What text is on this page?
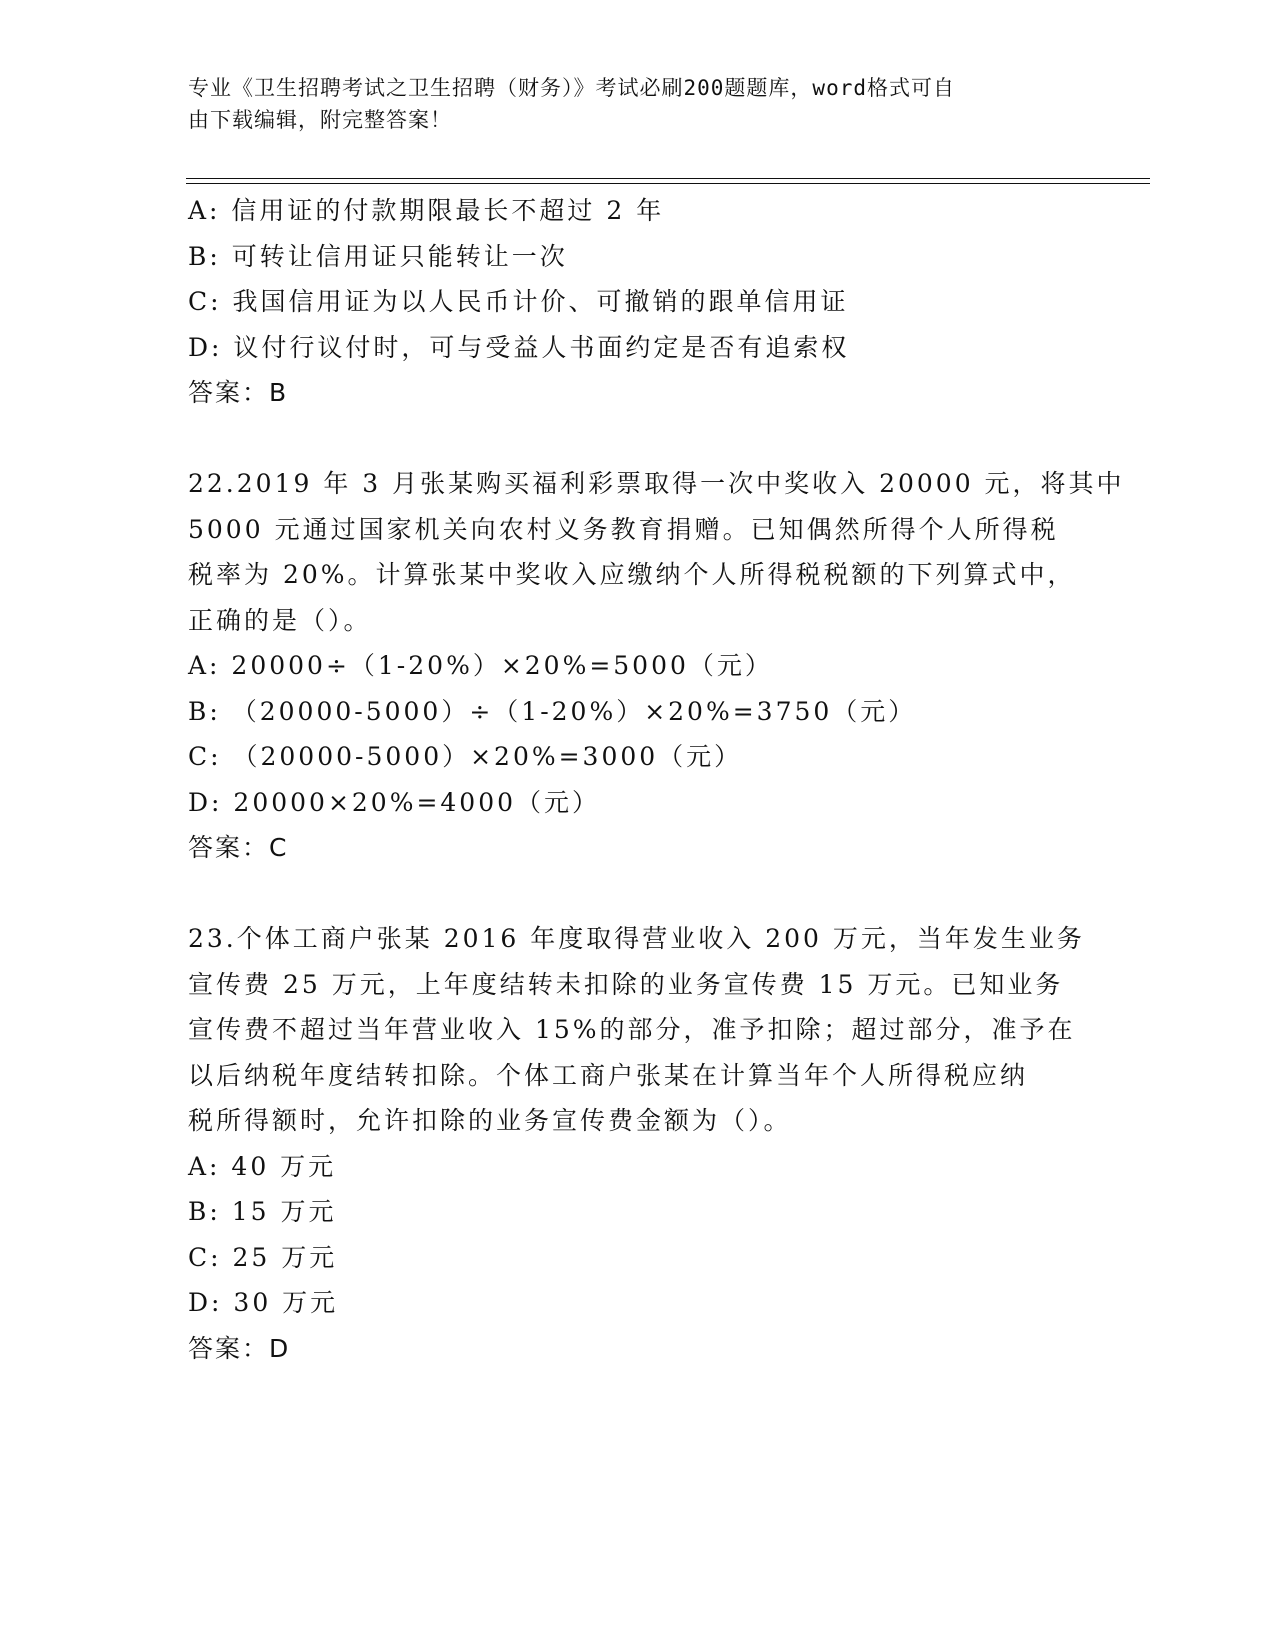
专业《卫生招聘考试之卫生招聘（财务）》考试必刷200题题库，word格式可自
由下载编辑，附完整答案！
A: 信用证的付款期限最长不超过 2 年
B: 可转让信用证只能转让一次
C: 我国信用证为以人民币计价、可撤销的跟单信用证
D: 议付行议付时，可与受益人书面约定是否有追索权
答案：B
22.2019 年 3 月张某购买福利彩票取得一次中奖收入 20000 元，将其中
5000 元通过国家机关向农村义务教育捐赠。已知偶然所得个人所得税
税率为 20%。计算张某中奖收入应缴纳个人所得税税额的下列算式中，
正确的是（）。
A: 20000÷（1-20%）×20%=5000（元）
B: （20000-5000）÷（1-20%）×20%=3750（元）
C: （20000-5000）×20%=3000（元）
D: 20000×20%=4000（元）
答案：C
23.个体工商户张某 2016 年度取得营业收入 200 万元，当年发生业务
宣传费 25 万元，上年度结转未扣除的业务宣传费 15 万元。已知业务
宣传费不超过当年营业收入 15%的部分，准予扣除；超过部分，准予在
以后纳税年度结转扣除。个体工商户张某在计算当年个人所得税应纳
税所得额时，允许扣除的业务宣传费金额为（）。
A: 40 万元
B: 15 万元
C: 25 万元
D: 30 万元
答案：D
